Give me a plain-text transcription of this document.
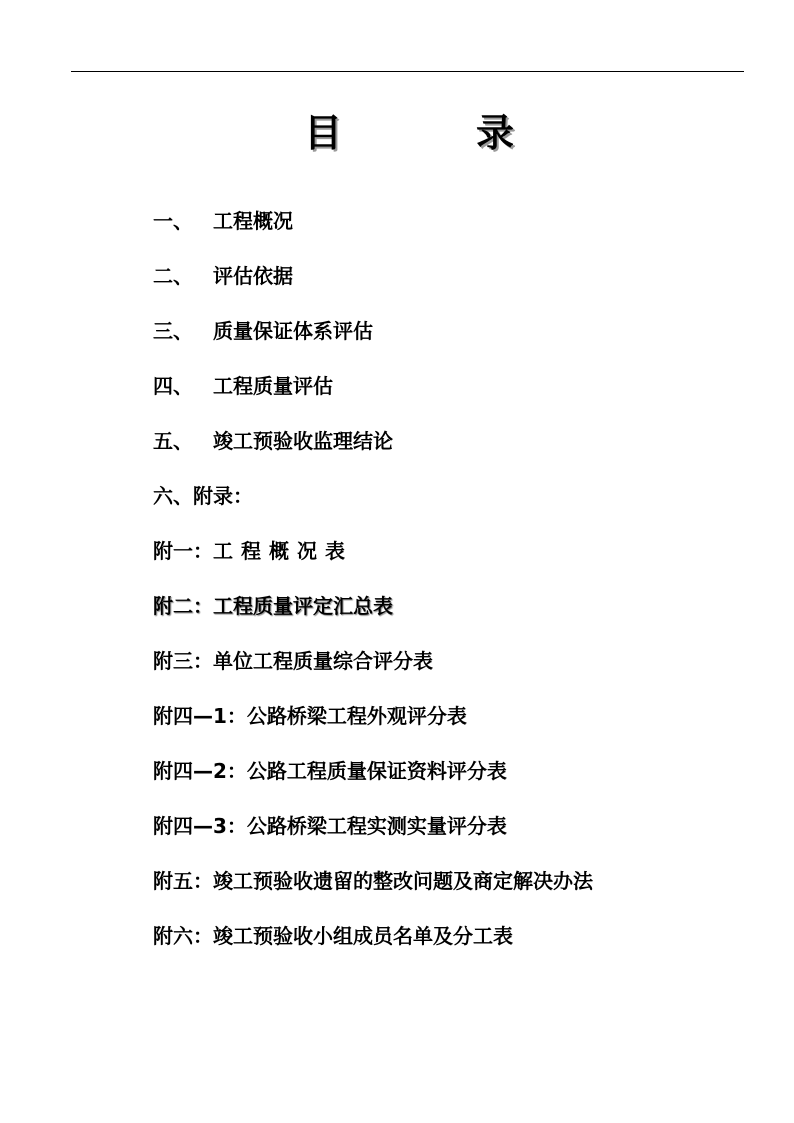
目	录
一、 工程概况
二、 评估依据
三、 质量保证体系评估
四、 工程质量评估
五、 竣工预验收监理结论
六、附录：
附一：工程概况表
附二：工程质量评定汇总表
附三：单位工程质量综合评分表
附四—1：公路桥梁工程外观评分表
附四—2：公路工程质量保证资料评分表
附四—3：公路桥梁工程实测实量评分表
附五：竣工预验收遗留的整改问题及商定解决办法
附六：竣工预验收小组成员名单及分工表
